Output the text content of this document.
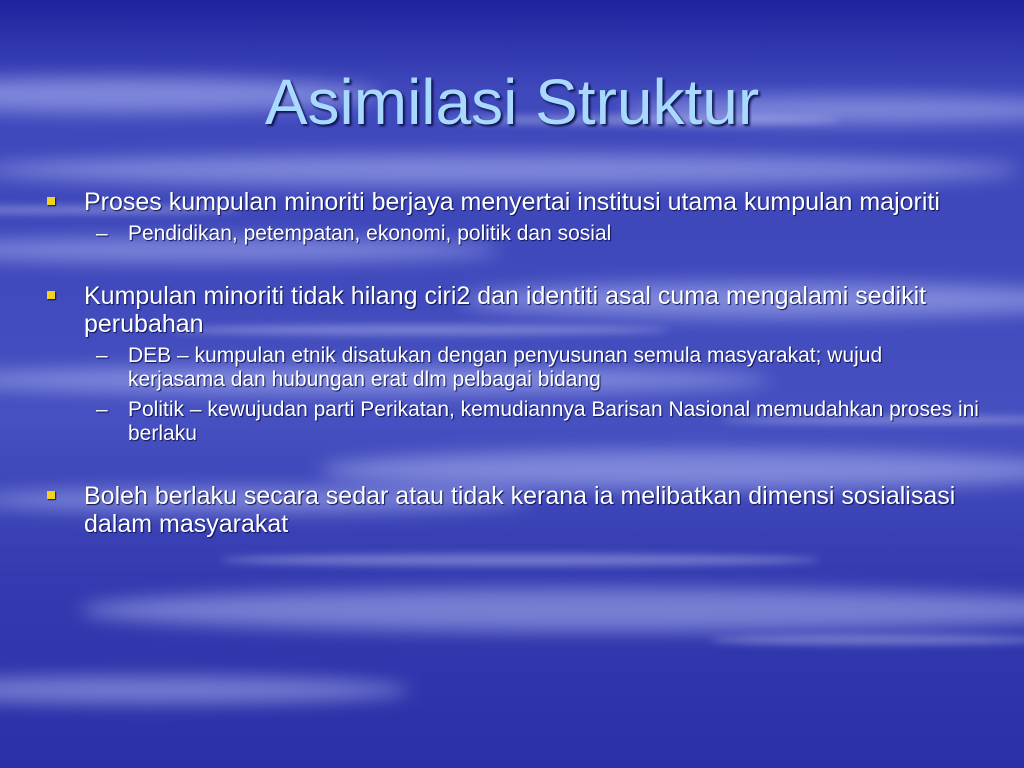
Asimilasi Struktur
Proses kumpulan minoriti berjaya menyertai institusi utama kumpulan majoriti
– Pendidikan, petempatan, ekonomi, politik dan sosial
Kumpulan minoriti tidak hilang ciri2 dan identiti asal cuma mengalami sedikit perubahan
– DEB – kumpulan etnik disatukan dengan penyusunan semula masyarakat; wujud kerjasama dan hubungan erat dlm pelbagai bidang
– Politik – kewujudan parti Perikatan, kemudiannya Barisan Nasional memudahkan proses ini berlaku
Boleh berlaku secara sedar atau tidak kerana ia melibatkan dimensi sosialisasi dalam masyarakat
